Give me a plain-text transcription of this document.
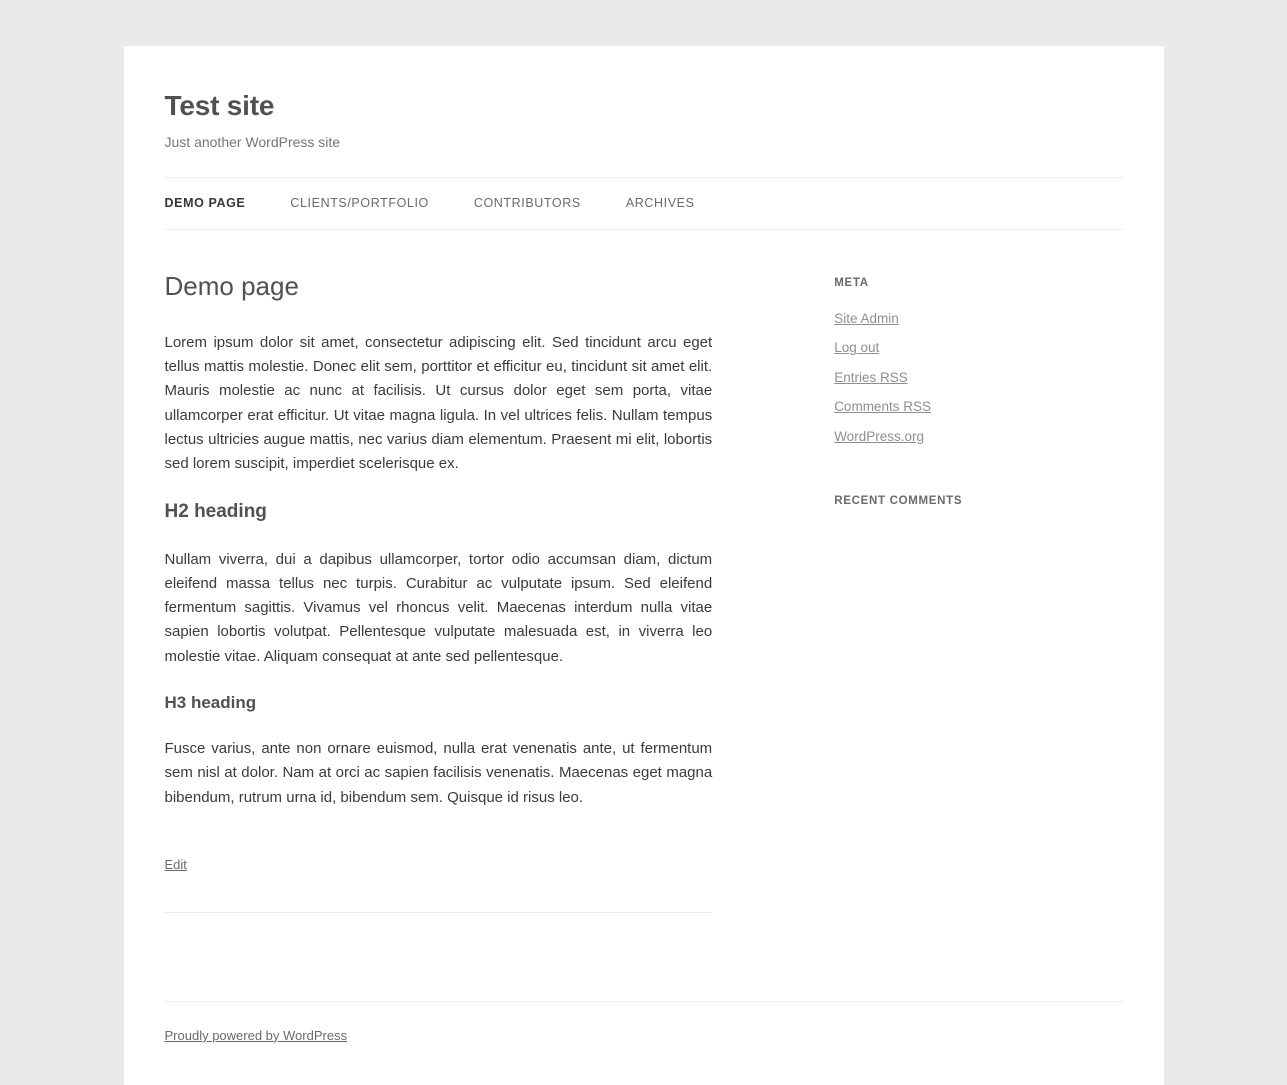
Test site

Just another WordPress site

DEMO PAGE	CLIENTS/PORTFOLIO	CONTRIBUTORS	ARCHIVES
Demo page

Lorem ipsum dolor sit amet, consectetur adipiscing elit. Sed tincidunt arcu eget tellus mattis molestie. Donec elit sem, porttitor et efficitur eu, tincidunt sit amet elit. Mauris molestie ac nunc at facilisis. Ut cursus dolor eget sem porta, vitae ullamcorper erat efficitur. Ut vitae magna ligula. In vel ultrices felis. Nullam tempus lectus ultricies augue mattis, nec varius diam elementum. Praesent mi elit, lobortis sed lorem suscipit, imperdiet scelerisque ex.

H2 heading

Nullam viverra, dui a dapibus ullamcorper, tortor odio accumsan diam, dictum eleifend massa tellus nec turpis. Curabitur ac vulputate ipsum. Sed eleifend fermentum sagittis. Vivamus vel rhoncus velit. Maecenas interdum nulla vitae sapien lobortis volutpat. Pellentesque vulputate malesuada est, in viverra leo molestie vitae. Aliquam consequat at ante sed pellentesque.

H3 heading

Fusce varius, ante non ornare euismod, nulla erat venenatis ante, ut fermentum sem nisl at dolor. Nam at orci ac sapien facilisis venenatis. Maecenas eget magna bibendum, rutrum urna id, bibendum sem. Quisque id risus leo.

Edit
META
Site Admin
Log out
Entries RSS
Comments RSS
WordPress.org
RECENT COMMENTS
Proudly powered by WordPress
